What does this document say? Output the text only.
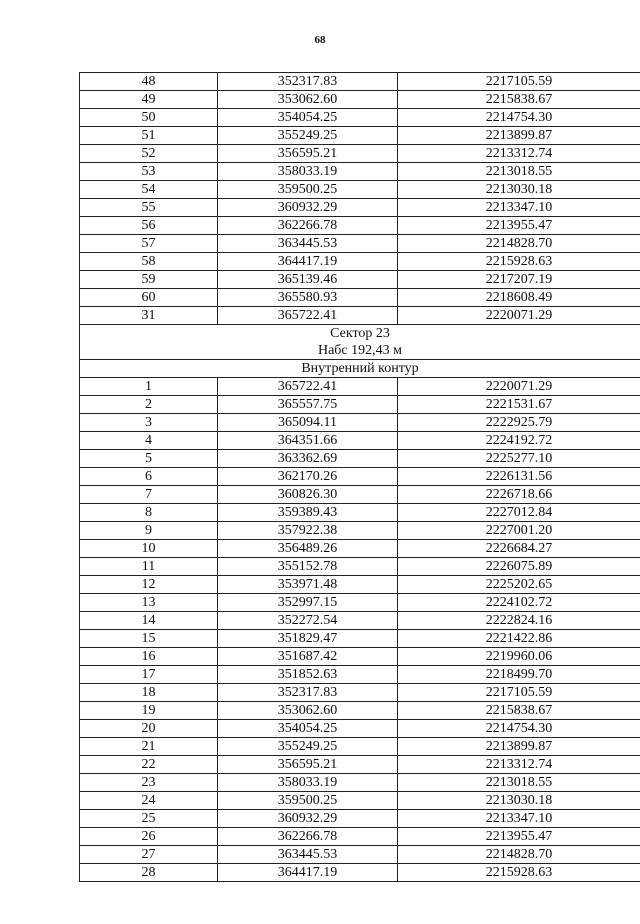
68
48	352317.83	2217105.59
49	353062.60	2215838.67
50	354054.25	2214754.30
51	355249.25	2213899.87
52	356595.21	2213312.74
53	358033.19	2213018.55
54	359500.25	2213030.18
55	360932.29	2213347.10
56	362266.78	2213955.47
57	363445.53	2214828.70
58	364417.19	2215928.63
59	365139.46	2217207.19
60	365580.93	2218608.49
31	365722.41	2220071.29
Сектор 23		
Набс 192,43 м		
Внутренний контур		
1	365722.41	2220071.29
2	365557.75	2221531.67
3	365094.11	2222925.79
4	364351.66	2224192.72
5	363362.69	2225277.10
6	362170.26	2226131.56
7	360826.30	2226718.66
8	359389.43	2227012.84
9	357922.38	2227001.20
10	356489.26	2226684.27
11	355152.78	2226075.89
12	353971.48	2225202.65
13	352997.15	2224102.72
14	352272.54	2222824.16
15	351829.47	2221422.86
16	351687.42	2219960.06
17	351852.63	2218499.70
18	352317.83	2217105.59
19	353062.60	2215838.67
20	354054.25	2214754.30
21	355249.25	2213899.87
22	356595.21	2213312.74
23	358033.19	2213018.55
24	359500.25	2213030.18
25	360932.29	2213347.10
26	362266.78	2213955.47
27	363445.53	2214828.70
28	364417.19	2215928.63
